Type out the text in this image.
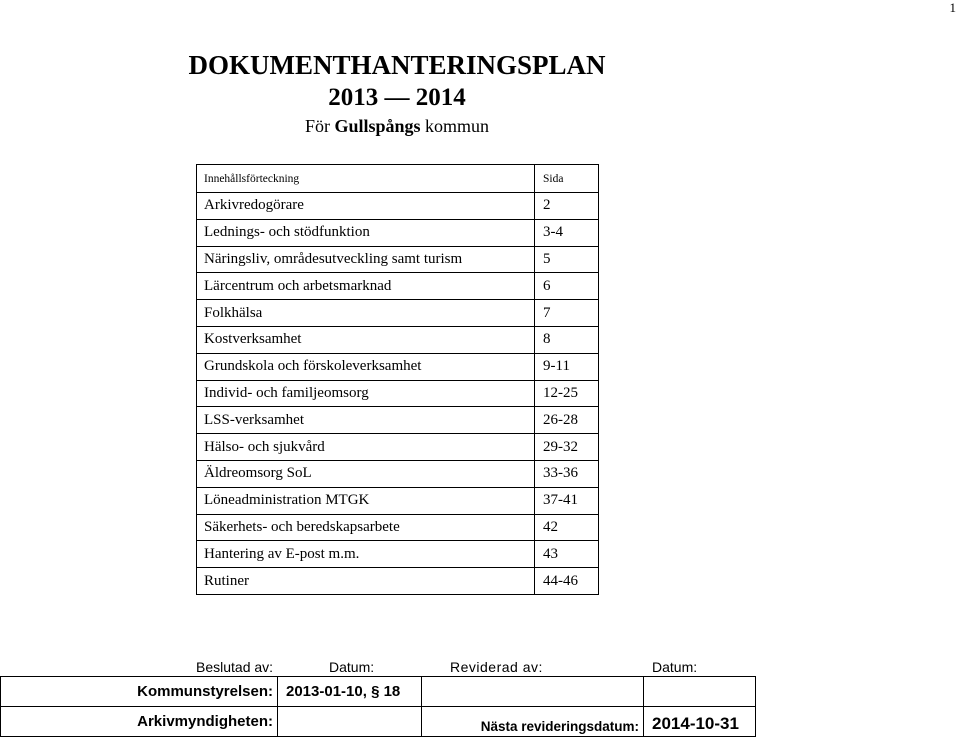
1
DOKUMENTHANTERINGSPLAN
2013 — 2014
För Gullspångs kommun
Innehållsförteckning	Sida
Arkivredogörare	2
Lednings- och stödfunktion	3-4
Näringsliv, områdesutveckling samt turism	5
Lärcentrum och arbetsmarknad	6
Folkhälsa	7
Kostverksamhet	8
Grundskola och förskoleverksamhet	9-11
Individ- och familjeomsorg	12-25
LSS-verksamhet	26-28
Hälso- och sjukvård	29-32
Äldreomsorg SoL	33-36
Löneadministration MTGK	37-41
Säkerhets- och beredskapsarbete	42
Hantering av E-post m.m.	43
Rutiner	44-46
Beslutad av:	Datum:	Reviderad av:	Datum:
Kommunstyrelsen:	2013-01-10, § 18		
Arkivmyndigheten:		Nästa revideringsdatum:	2014-10-31
